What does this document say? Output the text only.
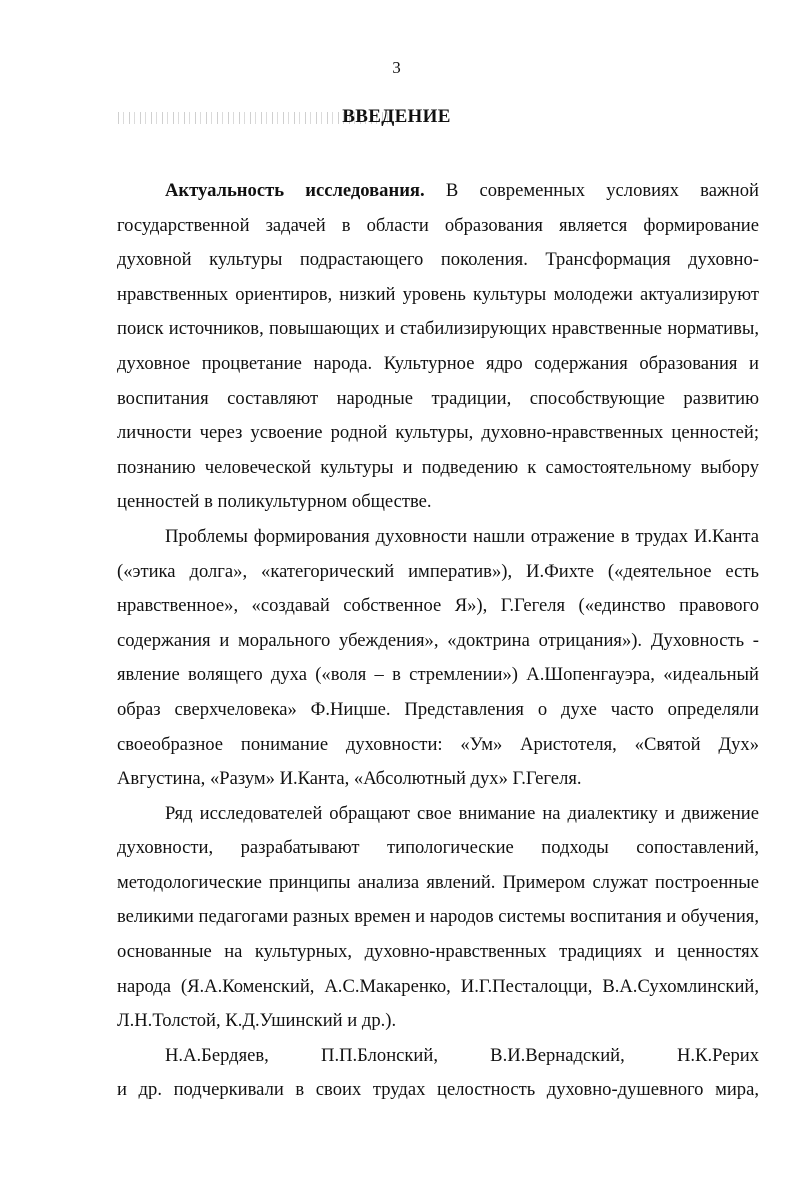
3
ВВЕДЕНИЕ

Актуальность исследования. В современных условиях важной государственной задачей в области образования является формирование духовной культуры подрастающего поколения. Трансформация духовно-нравственных ориентиров, низкий уровень культуры молодежи актуализируют поиск источников, повышающих и стабилизирующих нравственные нормативы, духовное процветание народа. Культурное ядро содержания образования и воспитания составляют народные традиции, способствующие развитию личности через усвоение родной культуры, духовно-нравственных ценностей; познанию человеческой культуры и подведению к самостоятельному выбору ценностей в поликультурном обществе.

Проблемы формирования духовности нашли отражение в трудах И.Канта («этика долга», «категорический императив»), И.Фихте («деятельное есть нравственное», «создавай собственное Я»), Г.Гегеля («единство правового содержания и морального убеждения», «доктрина отрицания»). Духовность - явление волящего духа («воля – в стремлении») А.Шопенгауэра, «идеальный образ сверхчеловека» Ф.Ницше. Представления о духе часто определяли своеобразное понимание духовности: «Ум» Аристотеля, «Святой Дух» Августина, «Разум» И.Канта, «Абсолютный дух» Г.Гегеля.

Ряд исследователей обращают свое внимание на диалектику и движение духовности, разрабатывают типологические подходы сопоставлений, методологические принципы анализа явлений. Примером служат построенные великими педагогами разных времен и народов системы воспитания и обучения, основанные на культурных, духовно-нравственных традициях и ценностях народа (Я.А.Коменский, А.С.Макаренко, И.Г.Песталоцци, В.А.Сухомлинский, Л.Н.Толстой, К.Д.Ушинский и др.).

Н.А.Бердяев, П.П.Блонский, В.И.Вернадский, Н.К.Рерих

и др. подчеркивали в своих трудах целостность духовно-душевного мира,
